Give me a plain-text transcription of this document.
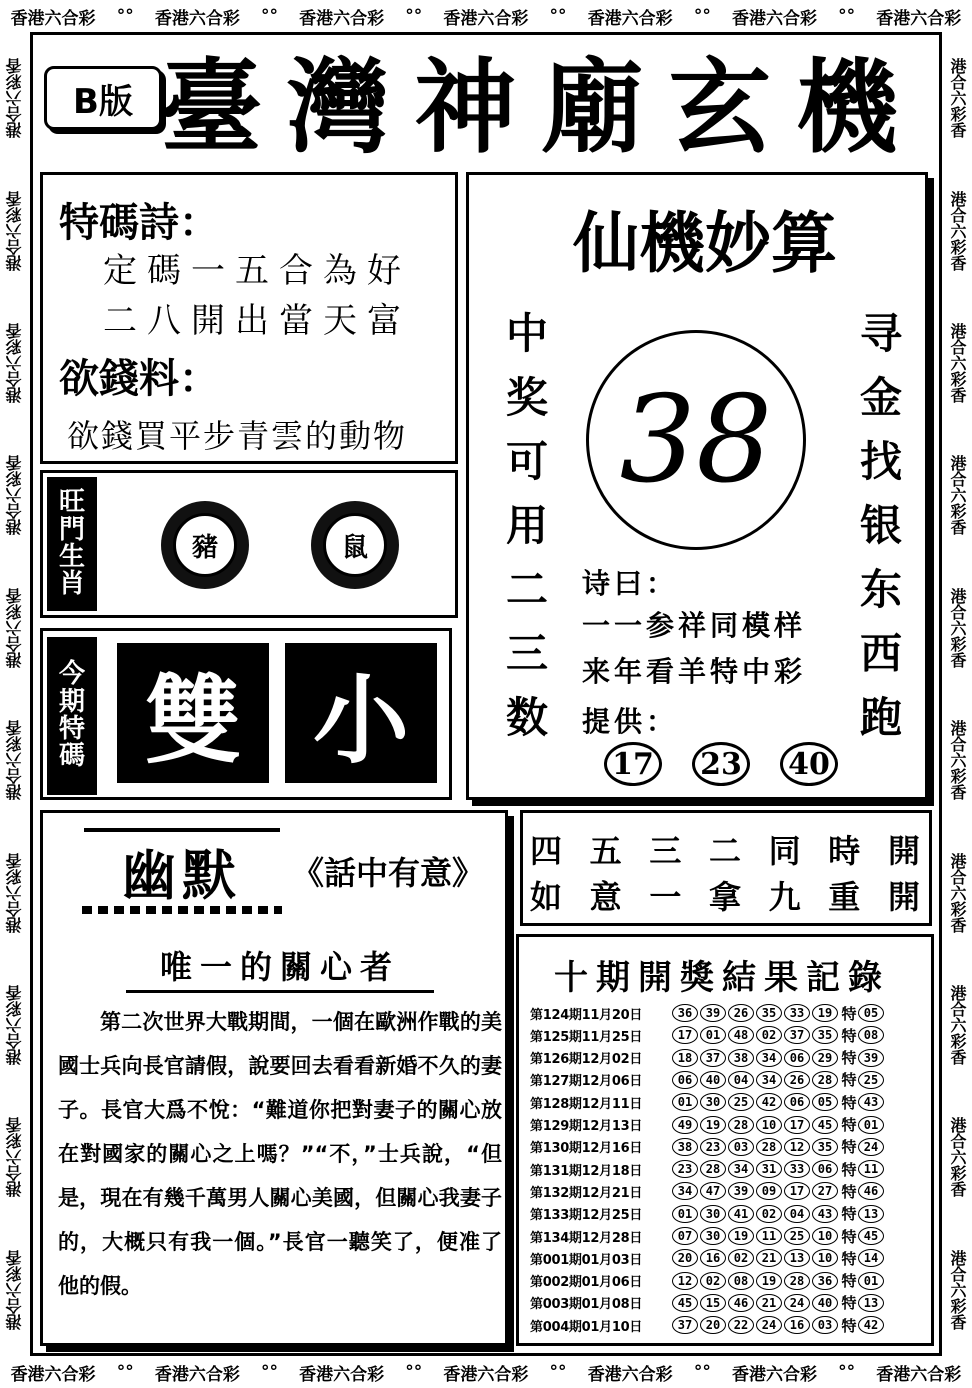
香港六合彩 °° 香港六合彩 °° 香港六合彩 °° 香港六合彩 °° 香港六合彩 °° 香港六合彩 °° 香港六合彩
香港六合彩 °° 香港六合彩 °° 香港六合彩 °° 香港六合彩 °° 香港六合彩 °° 香港六合彩 °° 香港六合彩
港合六彩香
港合六彩香
港合六彩香
港合六彩香
港合六彩香
港合六彩香
港合六彩香
港合六彩香
港合六彩香
港合六彩香
港合六彩香
港合六彩香
港合六彩香
港合六彩香
港合六彩香
港合六彩香
港合六彩香
港合六彩香
港合六彩香
港合六彩香
B版 臺 灣 神 廟 玄 機
特碼詩：
定碼一五合為好
二八開出當天富
欲錢料：
欲錢買平步青雲的動物
旺
門
生
肖
豬	鼠
今
期
特
碼 雙 小
仙機妙算
中
奖
可
用
二
三
数
寻
金
找
银
东
西
跑
38
诗曰：
一一参祥同模样
来年看羊特中彩
提供：
17 23 40
四 五 三 二 同 時 開
如 意 一 拿 九 重 開
幽默	《話中有意》
唯一的關心者
第二次世界大戰期間，一個在歐洲作戰的美國士兵向長官請假，說要回去看看新婚不久的妻子。長官大爲不悅：“難道你把對妻子的關心放在對國家的關心之上嗎？”“不，”士兵說，“但是，現在有幾千萬男人關心美國，但關心我妻子的，大概只有我一個。”長官一聽笑了，便准了他的假。
十期開獎結果記錄
第124期11月20日	36	39	26	35	33	19 特 05
第125期11月25日	17	01	48	02	37	35 特 08
第126期12月02日	18	37	38	34	06	29 特 39
第127期12月06日	06	40	04	34	26	28 特 25
第128期12月11日	01	30	25	42	06	05 特 43
第129期12月13日	49	19	28	10	17	45 特 01
第130期12月16日	38	23	03	28	12	35 特 24
第131期12月18日	23	28	34	31	33	06 特 11
第132期12月21日	34	47	39	09	17	27 特 46
第133期12月25日	01	30	41	02	04	43 特 13
第134期12月28日	07	30	19	11	25	10 特 45
第001期01月03日	20	16	02	21	13	10 特 14
第002期01月06日	12	02	08	19	28	36 特 01
第003期01月08日	45	15	46	21	24	40 特 13
第004期01月10日	37	20	22	24	16	03 特 42
